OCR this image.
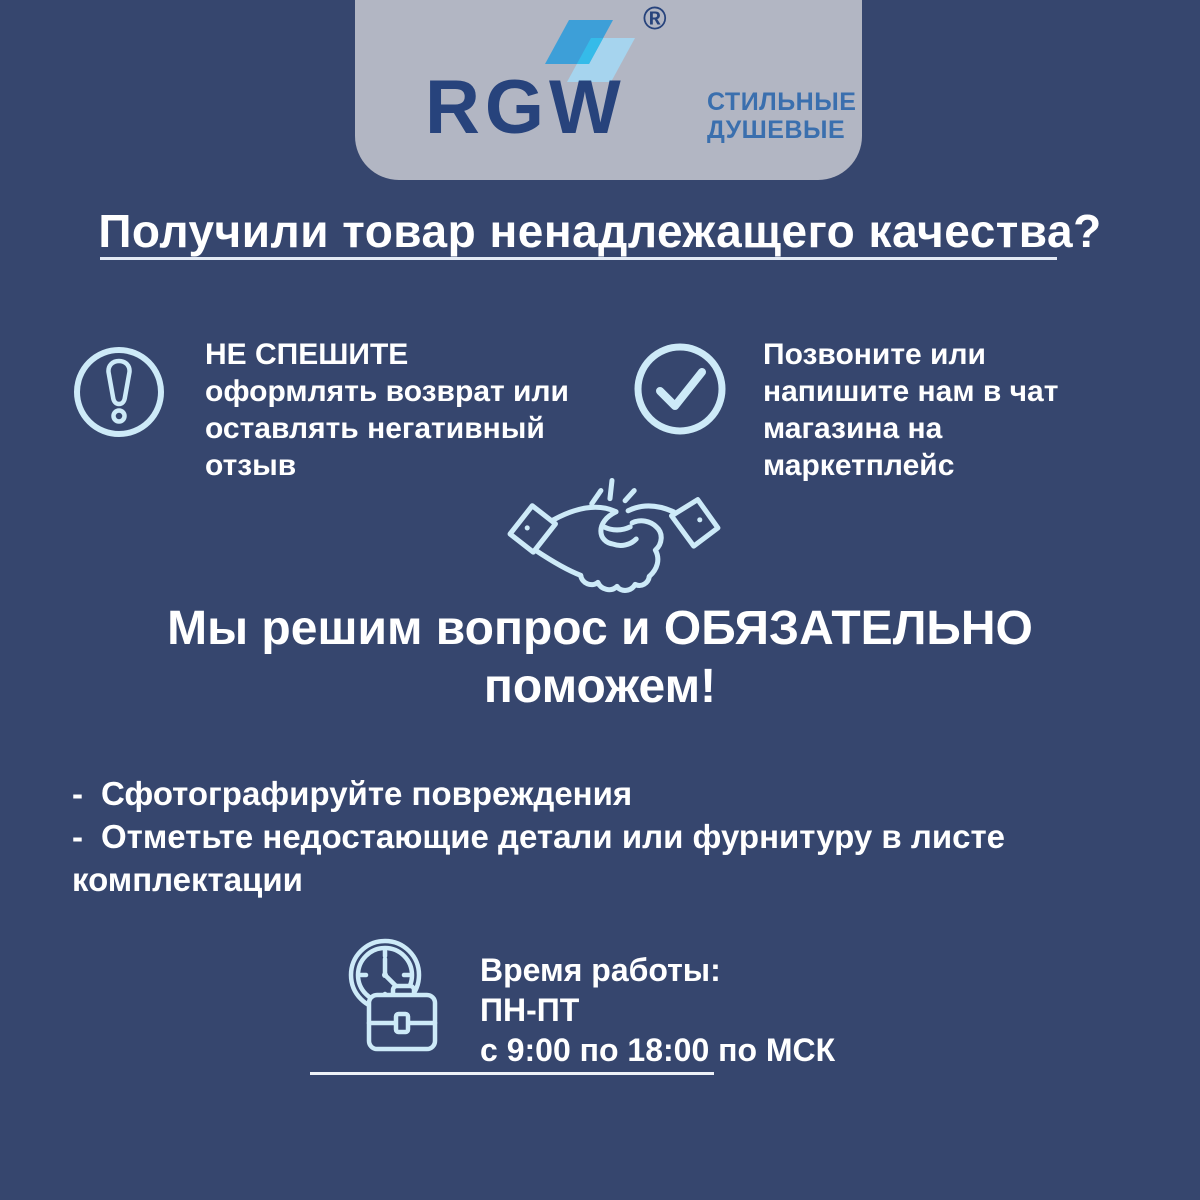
®
RGW	СТИЛЬНЫЕ
ДУШЕВЫЕ
Получили товар ненадлежащего качества?
НЕ СПЕШИТЕ
оформлять возврат или
оставлять негативный
отзыв
Позвоните или
напишите нам в чат
магазина на
маркетплейс
Мы решим вопрос и ОБЯЗАТЕЛЬНО
поможем!
- Сфотографируйте повреждения
- Отметьте недостающие детали или фурнитуру в листе комплектации
Время работы:
ПН-ПТ
с 9:00 по 18:00 по МСК
